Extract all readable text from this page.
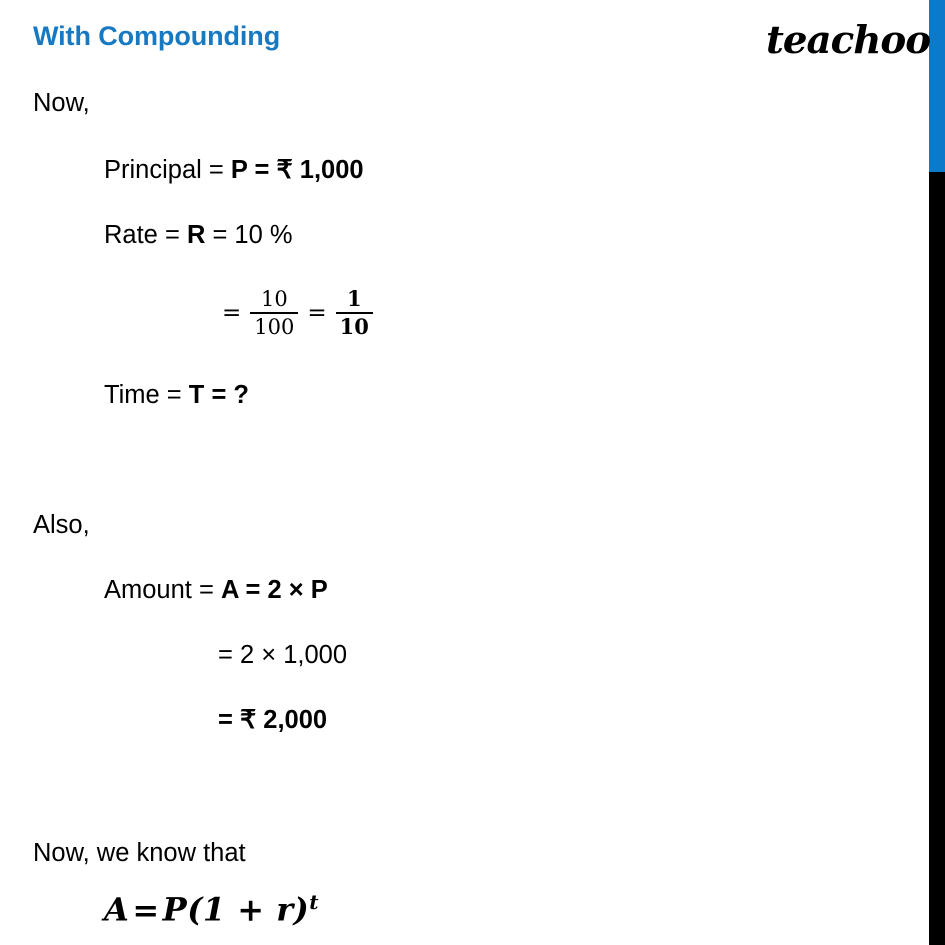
With Compounding	teachoo
Now,
Principal = P = ₹ 1,000
Rate = R = 10 %
= $\frac{10}{100} = \frac{1}{10}$
Time = T = ?
Also,
Amount = A = 2 × P
= 2 × 1,000
= ₹ 2,000
Now, we know that
$A=P(1 + r)^t$
